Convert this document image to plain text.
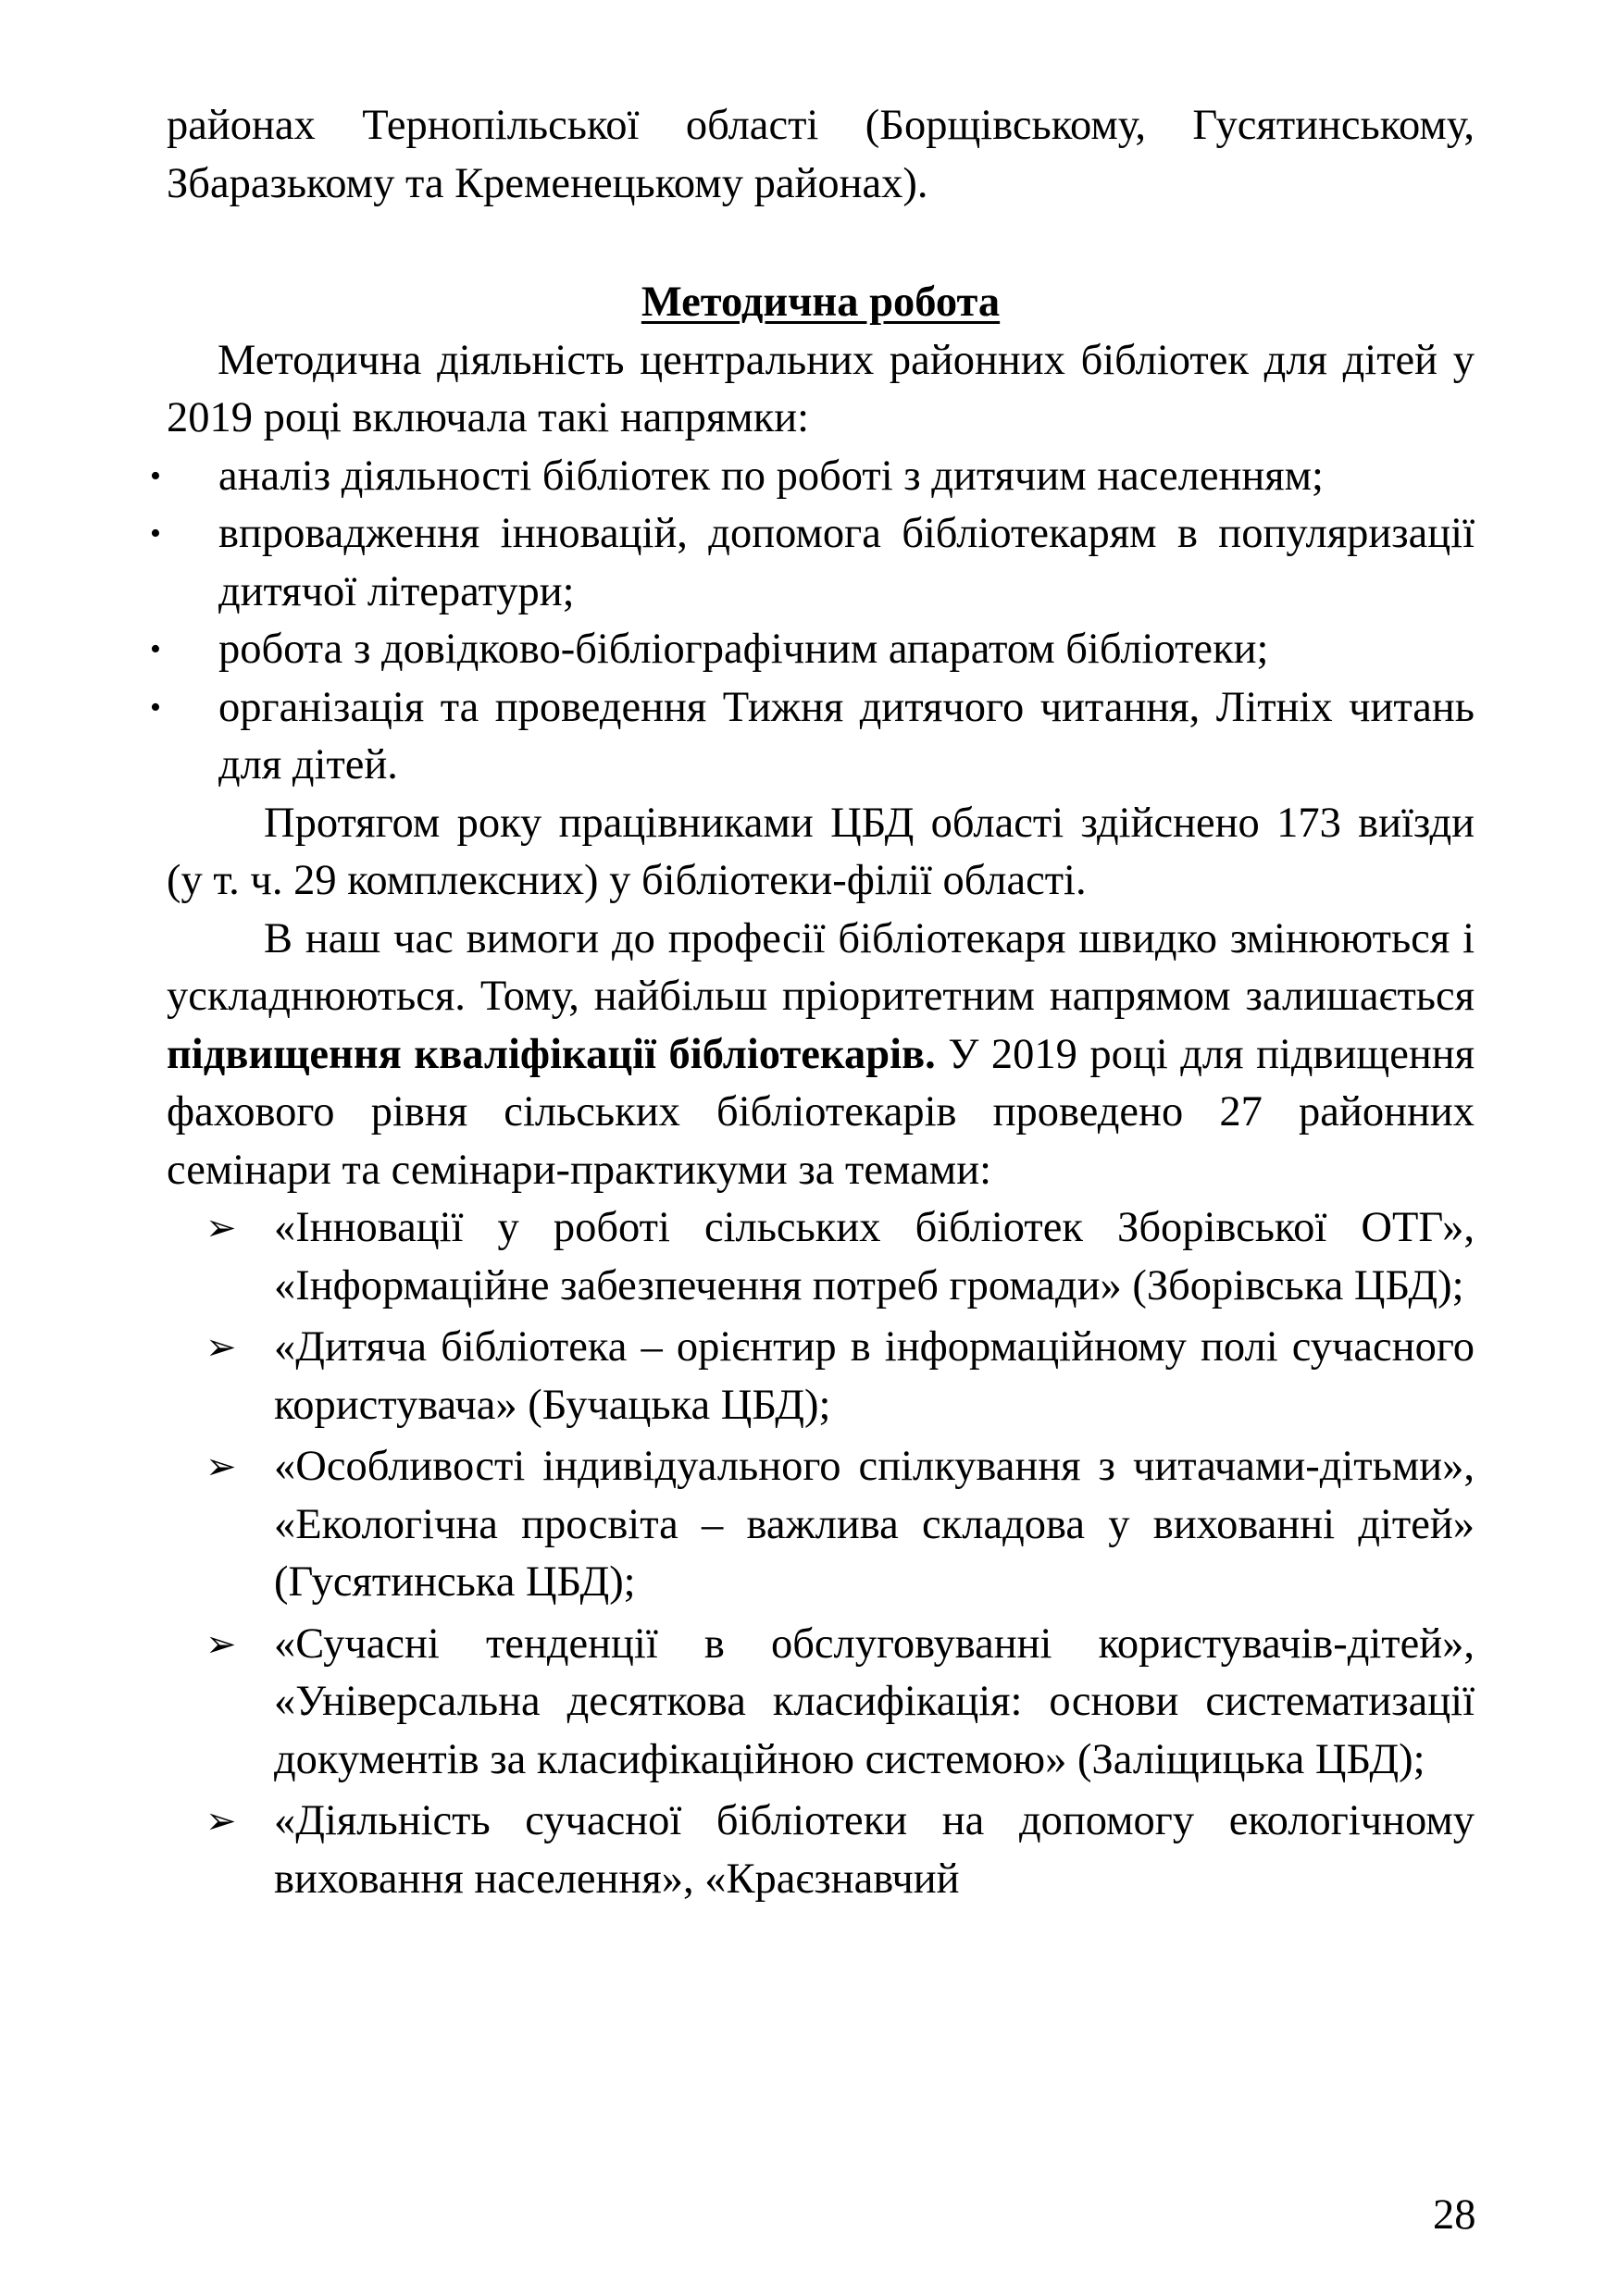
районах Тернопільської області (Борщівському, Гусятинському, Збаразькому та Кременецькому районах).

Методична робота

Методична діяльність центральних районних бібліотек для дітей у 2019 році включала такі напрямки:

• аналіз діяльності бібліотек по роботі з дитячим населенням;
• впровадження інновацій, допомога бібліотекарям в популяризації дитячої літератури;
• робота з довідково-бібліографічним апаратом бібліотеки;
• організація та проведення Тижня дитячого читання, Літніх читань для дітей.

Протягом року працівниками ЦБД області здійснено 173 виїзди (у т. ч. 29 комплексних) у бібліотеки-філії області.

В наш час вимоги до професії бібліотекаря швидко змінюються і ускладнюються. Тому, найбільш пріоритетним напрямом залишається підвищення кваліфікації бібліотекарів. У 2019 році для підвищення фахового рівня сільських бібліотекарів проведено 27 районних семінари та семінари-практикуми за темами:

➢ «Інновації у роботі сільських бібліотек Зборівської ОТГ», «Інформаційне забезпечення потреб громади» (Зборівська ЦБД);
➢ «Дитяча бібліотека – орієнтир в інформаційному полі сучасного користувача» (Бучацька ЦБД);
➢ «Особливості індивідуального спілкування з читачами-дітьми», «Екологічна просвіта – важлива складова у вихованні дітей» (Гусятинська ЦБД);
➢ «Сучасні тенденції в обслуговуванні користувачів-дітей», «Універсальна десяткова класифікація: основи систематизації документів за класифікаційною системою» (Заліщицька ЦБД);
➢ «Діяльність сучасної бібліотеки на допомогу екологічному виховання населення», «Краєзнавчий
28
